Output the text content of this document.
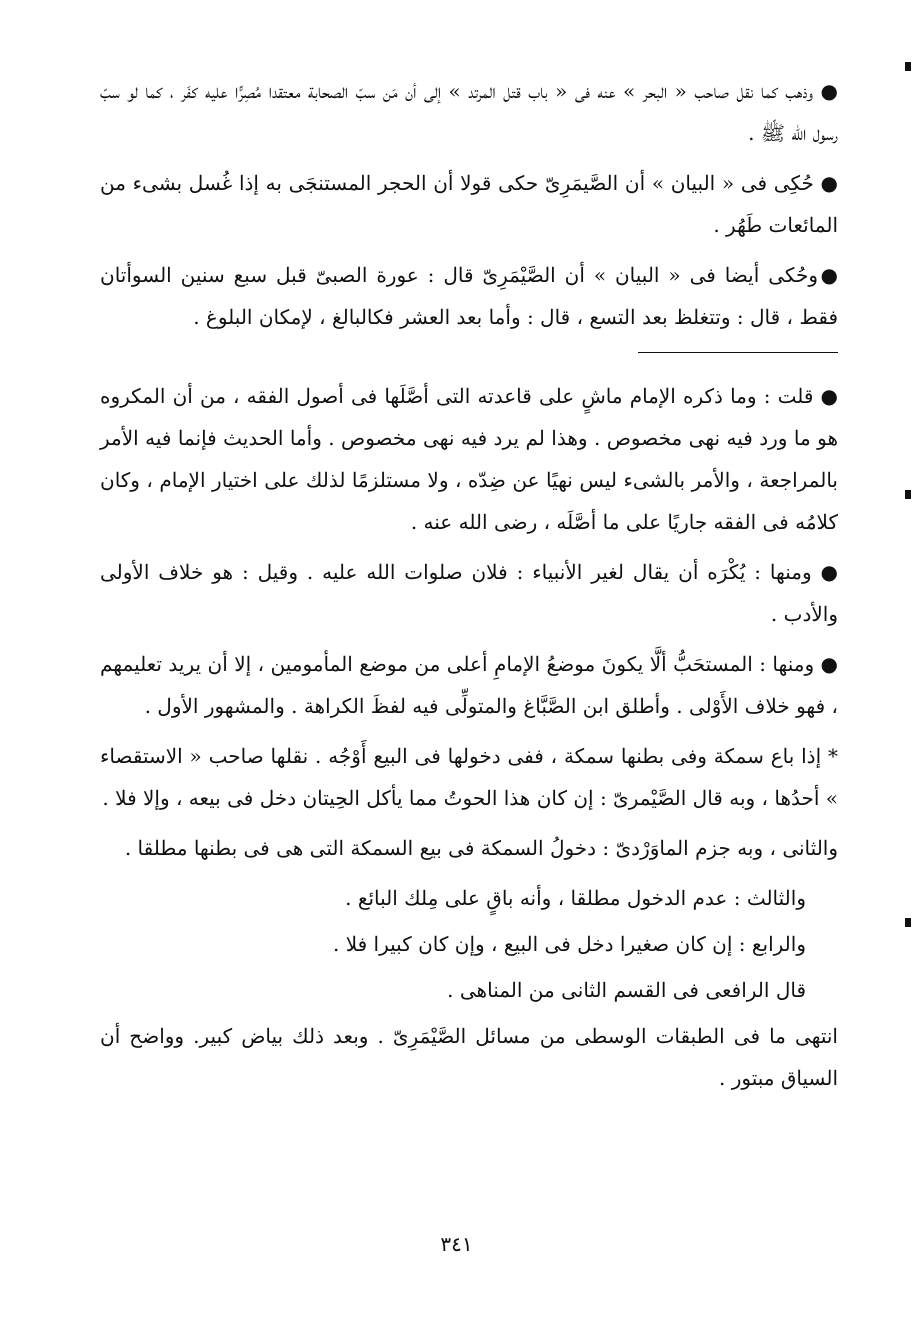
● وذهب كما نقل صاحب « البحر » عنه فى « باب قتل المرتد » إلى أن مَن سبّ الصحابة معتقدا مُصِرًّا عليه كفَر ، كما لو سبّ رسول الله ﷺ .

● حُكِى فى « البيان » أن الصَّيمَرِىّ حكى قولا أن الحجر المستنجَى به إذا غُسل بشىء من المائعات طَهُر .

●وحُكى أيضا فى « البيان » أن الصَّيْمَرِىّ قال : عورة الصبىّ قبل سبع سنين السوأتان فقط ، قال : وتتغلظ بعد التسع ، قال : وأما بعد العشر فكالبالغ ، لإمكان البلوغ .

● قلت : وما ذكره الإمام ماشٍ على قاعدته التى أصَّلَها فى أصول الفقه ، من أن المكروه هو ما ورد فيه نهى مخصوص . وهذا لم يرد فيه نهى مخصوص . وأما الحديث فإنما فيه الأمر بالمراجعة ، والأمر بالشىء ليس نهيًا عن ضِدّه ، ولا مستلزمًا لذلك على اختيار الإمام ، وكان كلامُه فى الفقه جاريًا على ما أصَّلَه ، رضى الله عنه .

● ومنها : يُكْرَه أن يقال لغير الأنبياء : فلان صلوات الله عليه . وقيل : هو خلاف الأولى والأدب .

● ومنها : المستحَبُّ ألَّا يكونَ موضعُ الإمامِ أعلى من موضع المأمومين ، إلا أن يريد تعليمهم ، فهو خلاف الأَوْلى . وأطلق ابن الصَّبَّاغ والمتولِّى فيه لفظَ الكراهة . والمشهور الأول .

* إذا باع سمكة وفى بطنها سمكة ، ففى دخولها فى البيع أَوْجُه . نقلها صاحب « الاستقصاء » أحدُها ، وبه قال الصَّيْمرىّ : إن كان هذا الحوتُ مما يأكل الحِيتان دخل فى بيعه ، وإلا فلا .

والثانى ، وبه جزم الماوَرْدىّ : دخولُ السمكة فى بيع السمكة التى هى فى بطنها مطلقا .

والثالث : عدم الدخول مطلقا ، وأنه باقٍ على مِلك البائع .

والرابع : إن كان صغيرا دخل فى البيع ، وإن كان كبيرا فلا .

قال الرافعى فى القسم الثانى من المناهى .

انتهى ما فى الطبقات الوسطى من مسائل الصَّيْمَرِىّ . وبعد ذلك بياض كبير. وواضح أن السياق مبتور .

٣٤١
